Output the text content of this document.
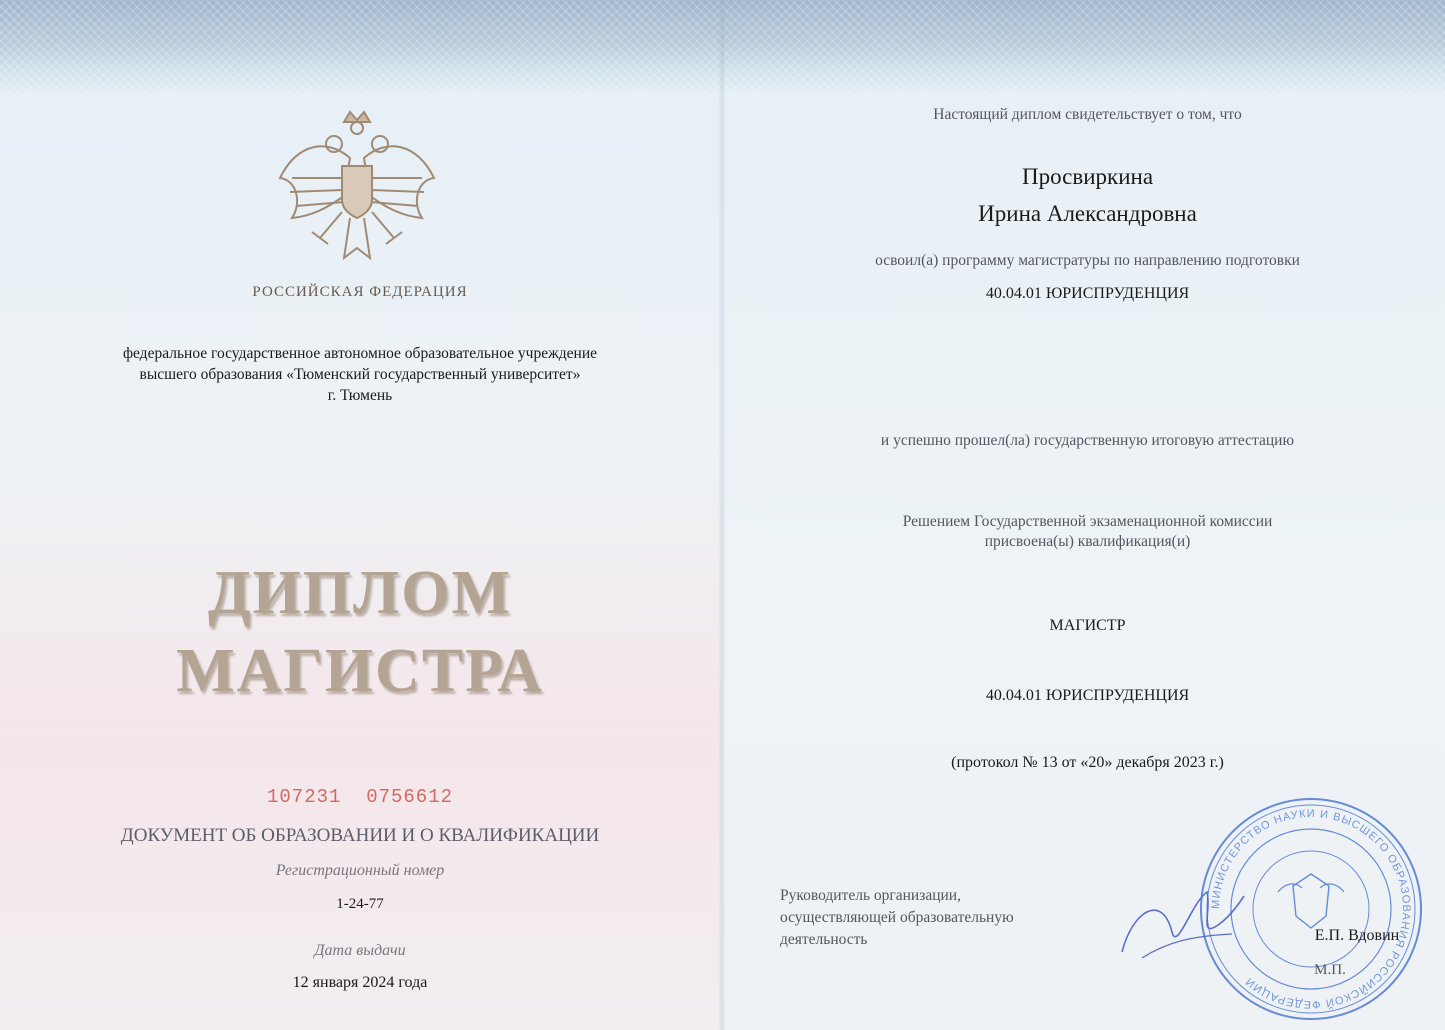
РОССИЙСКАЯ ФЕДЕРАЦИЯ
федеральное государственное автономное образовательное учреждение
высшего образования «Тюменский государственный университет»
г. Тюмень
ДИПЛОМ
МАГИСТРА
107231  0756612
ДОКУМЕНТ ОБ ОБРАЗОВАНИИ И О КВАЛИФИКАЦИИ
Регистрационный номер
1-24-77
Дата выдачи
12 января 2024 года
Настоящий диплом свидетельствует о том, что
Просвиркина
Ирина Александровна
освоил(а) программу магистратуры по направлению подготовки
40.04.01 ЮРИСПРУДЕНЦИЯ
и успешно прошел(ла) государственную итоговую аттестацию
Решением Государственной экзаменационной комиссии
присвоена(ы) квалификация(и)
МАГИСТР
40.04.01 ЮРИСПРУДЕНЦИЯ
(протокол № 13 от «20» декабря 2023 г.)
Руководитель организации,
осуществляющей образовательную
деятельность
МИНИСТЕРСТВО НАУКИ И ВЫСШЕГО ОБРАЗОВАНИЯ РОССИЙСКОЙ ФЕДЕРАЦИИ
Е.П. Вдовин
М.П.
